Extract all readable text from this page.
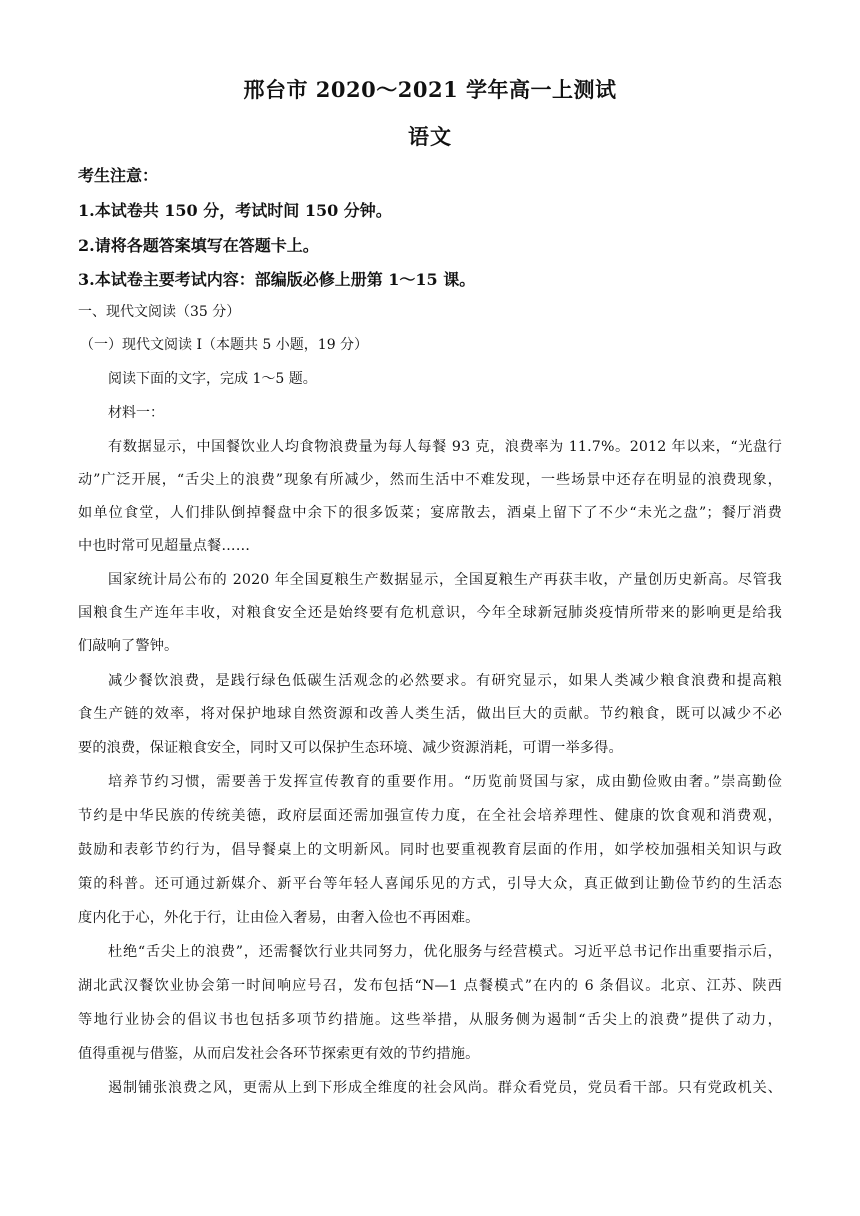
邢台市 2020～2021 学年高一上测试
语文
考生注意：
1.本试卷共 150 分，考试时间 150 分钟。
2.请将各题答案填写在答题卡上。
3.本试卷主要考试内容：部编版必修上册第 1～15 课。
一、现代文阅读（35 分）
（一）现代文阅读 I（本题共 5 小题，19 分）
阅读下面的文字，完成 1～5 题。
材料一：
有数据显示，中国餐饮业人均食物浪费量为每人每餐 93 克，浪费率为 11.7%。2012 年以来，“光盘行
动”广泛开展，“舌尖上的浪费”现象有所减少，然而生活中不难发现，一些场景中还存在明显的浪费现象，
如单位食堂，人们排队倒掉餐盘中余下的很多饭菜；宴席散去，酒桌上留下了不少“未光之盘”；餐厅消费
中也时常可见超量点餐……
国家统计局公布的 2020 年全国夏粮生产数据显示，全国夏粮生产再获丰收，产量创历史新高。尽管我
国粮食生产连年丰收，对粮食安全还是始终要有危机意识，今年全球新冠肺炎疫情所带来的影响更是给我
们敲响了警钟。
减少餐饮浪费，是践行绿色低碳生活观念的必然要求。有研究显示，如果人类减少粮食浪费和提高粮
食生产链的效率，将对保护地球自然资源和改善人类生活，做出巨大的贡献。节约粮食，既可以减少不必
要的浪费，保证粮食安全，同时又可以保护生态环境、减少资源消耗，可谓一举多得。
培养节约习惯，需要善于发挥宣传教育的重要作用。“历览前贤国与家，成由勤俭败由奢。”崇高勤俭
节约是中华民族的传统美德，政府层面还需加强宣传力度，在全社会培养理性、健康的饮食观和消费观，
鼓励和表彰节约行为，倡导餐桌上的文明新风。同时也要重视教育层面的作用，如学校加强相关知识与政
策的科普。还可通过新媒介、新平台等年轻人喜闻乐见的方式，引导大众，真正做到让勤俭节约的生活态
度内化于心，外化于行，让由俭入奢易，由奢入俭也不再困难。
杜绝“舌尖上的浪费”，还需餐饮行业共同努力，优化服务与经营模式。习近平总书记作出重要指示后，
湖北武汉餐饮业协会第一时间响应号召，发布包括“N—1 点餐模式”在内的 6 条倡议。北京、江苏、陕西
等地行业协会的倡议书也包括多项节约措施。这些举措，从服务侧为遏制“舌尖上的浪费”提供了动力，
值得重视与借鉴，从而启发社会各环节探索更有效的节约措施。
遏制铺张浪费之风，更需从上到下形成全维度的社会风尚。群众看党员，党员看干部。只有党政机关、
